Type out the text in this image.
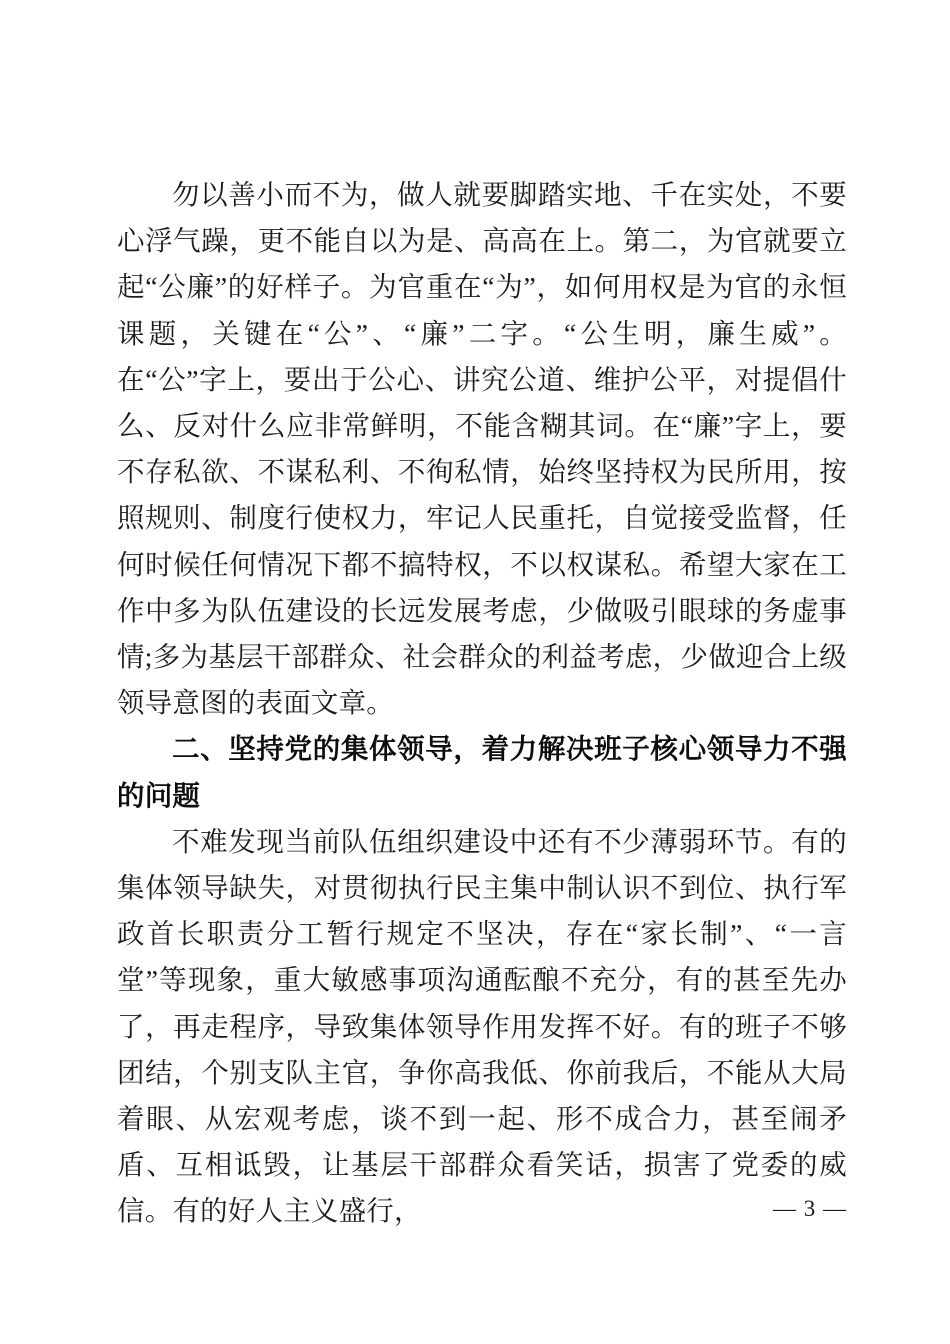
勿以善小而不为，做人就要脚踏实地、千在实处，不要心浮气躁，更不能自以为是、高高在上。第二，为官就要立起“公廉”的好样子。为官重在“为”，如何用权是为官的永恒课题，关键在“公”、“廉”二字。“公生明，廉生威”。在“公”字上，要出于公心、讲究公道、维护公平，对提倡什么、反对什么应非常鲜明，不能含糊其词。在“廉”字上，要不存私欲、不谋私利、不徇私情，始终坚持权为民所用，按照规则、制度行使权力，牢记人民重托，自觉接受监督，任何时候任何情况下都不搞特权，不以权谋私。希望大家在工作中多为队伍建设的长远发展考虑，少做吸引眼球的务虚事情;多为基层干部群众、社会群众的利益考虑，少做迎合上级领导意图的表面文章。

二、坚持党的集体领导，着力解决班子核心领导力不强的问题

不难发现当前队伍组织建设中还有不少薄弱环节。有的集体领导缺失，对贯彻执行民主集中制认识不到位、执行军政首长职责分工暂行规定不坚决，存在“家长制”、“一言堂”等现象，重大敏感事项沟通酝酿不充分，有的甚至先办了，再走程序，导致集体领导作用发挥不好。有的班子不够团结，个别支队主官，争你高我低、你前我后，不能从大局着眼、从宏观考虑，谈不到一起、形不成合力，甚至闹矛盾、互相诋毁，让基层干部群众看笑话，损害了党委的威信。有的好人主义盛行，	— 3 —
